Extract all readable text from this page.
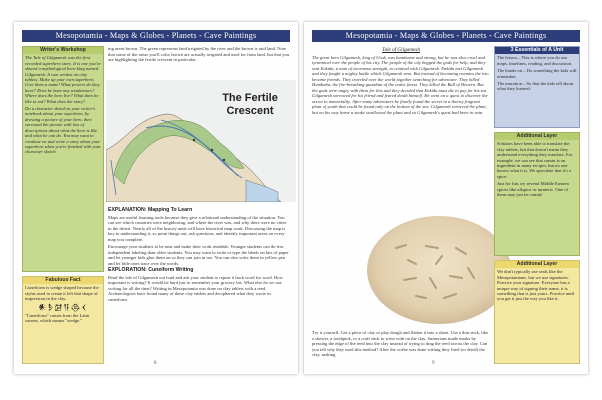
Mesopotamia - Maps & Globes - Planets - Cave Paintings
Writer's Workshop

The Tale of Gilgamesh was the first recorded superhero story. It is one you've shared a mythological hero-king named Gilgamesh. It was written on clay tablets. Make up your own superhero. Give them a name! What powers do they have? Does he have any weaknesses? Where does the hero live? What does he like to eat? What does the story?

Do a character sketch in your writer's notebook about your superhero, by drawing a picture of your hero, then surround the picture with lots of descriptions about what the hero is like and what he can do. You may want to continue on and write a story about your superhero when you're finished with your character sketch.

Fabulous Fact

Cuneiform is wedge shaped because the stylus used to create it left that shape of impression in the clay.

𒀭𒊩𒌆𒀀𒁲𒌋

"Cuneiform" comes from the Latin cuneus, which means "wedge."

ing areas brown. The green represents land irrigated by the river and the brown is arid land. Note that some of the areas you'll color brown are actually irrigated and used for farm land, but that you are highlighting the fertile crescent in particular.

The Fertile Crescent
EXPLANATION: Mapping To Learn

Maps are useful learning tools because they give a relational understanding of the situation. You can see which countries were neighboring, and where the river was, and why there were no cities in the desert. Nearly all of the history units will have historical map work. Discussing the map is key to understanding it, so point things out, ask questions, and identify important areas on every map you complete.

Encourage your students to be neat and make their work readable. Younger students can do less independent labeling than older students. You may want to write or type the labels on bits of paper and let younger kids glue them on so they can join in too. You can also write them in yellow pen and let little ones trace over the words.

EXPLORATION: Cuneiform Writing

Read the tale of Gilgamesh out loud and ask your student to repeat it back word for word. How important is writing? It would be hard just to remember your grocery list. What else do we use writing for all the time? Writing in Mesopotamia was done on clay tablets with a reed. Archaeologists have found many of these clay tablets and deciphered what they wrote in cuneiform.

8
Mesopotamia - Maps & Globes - Planets - Cave Paintings
Tale of Gilgamesh

The great hero Gilgamesh, king of Uruk, was handsome and strong, but he was also cruel and tyrannical over the people of his city. The people of the city begged the gods for help, and they sent Enkidu, a man of enormous strength, to contend with Gilgamesh. Enkidu met Gilgamesh and they fought a mighty battle which Gilgamesh won. But instead of becoming enemies the two became friends. They traveled over the world together searching for adventure. They killed Humbaba, the fire-breathing guardian of the cedar forest. They killed the Bull of Heaven. But the gods were angry with them for this and they decided that Enkidu must die to pay for his sin. Gilgamesh sorrowed for his friend and feared death himself. He went on a quest to discover the secret to immortality. After many adventures he finally found the secret in a thorny fragrant plant of youth that could be found only on the bottom of the sea. Gilgamesh retrieved the plant, but on his way home a snake swallowed the plant and so Gilgamesh's quest had been in vain.

Try it yourself. Get a piece of clay or play dough and flatten it into a sheet. Use a thin stick, like a skewer, a toothpick, or a craft stick to write with on the clay. Sumerians made marks by pressing the edge of the reed into the clay instead of trying to drag the reed across the clay. Can you tell why they used this method? After the scribe was done writing they fired (or dried) the clay, making

3 Essentials of A Unit

The lesson – This is where you do our maps, timelines, reading, and discussion.

The hands-on – Do something the kids will remember.

The narration – So that the kids tell about what they learned.

Additional Layer

Scholars have been able to translate the clay tablets, but that doesn't mean they understand everything they translate. For example, we can see that cumin is an ingredient in many recipes, but no one knows what it is. We speculate that it's a spice.

Just for fun, try several Middle Eastern spices like allspice or turmeric. One of them may just be cumin!

Additional Layer

We don't typically use seals like the Mesopotamians, but we use signatures. Practice your signature. Everyone has a unique way of signing their name, it is something that is just yours. Practice until you get it just the way you like it.

9
